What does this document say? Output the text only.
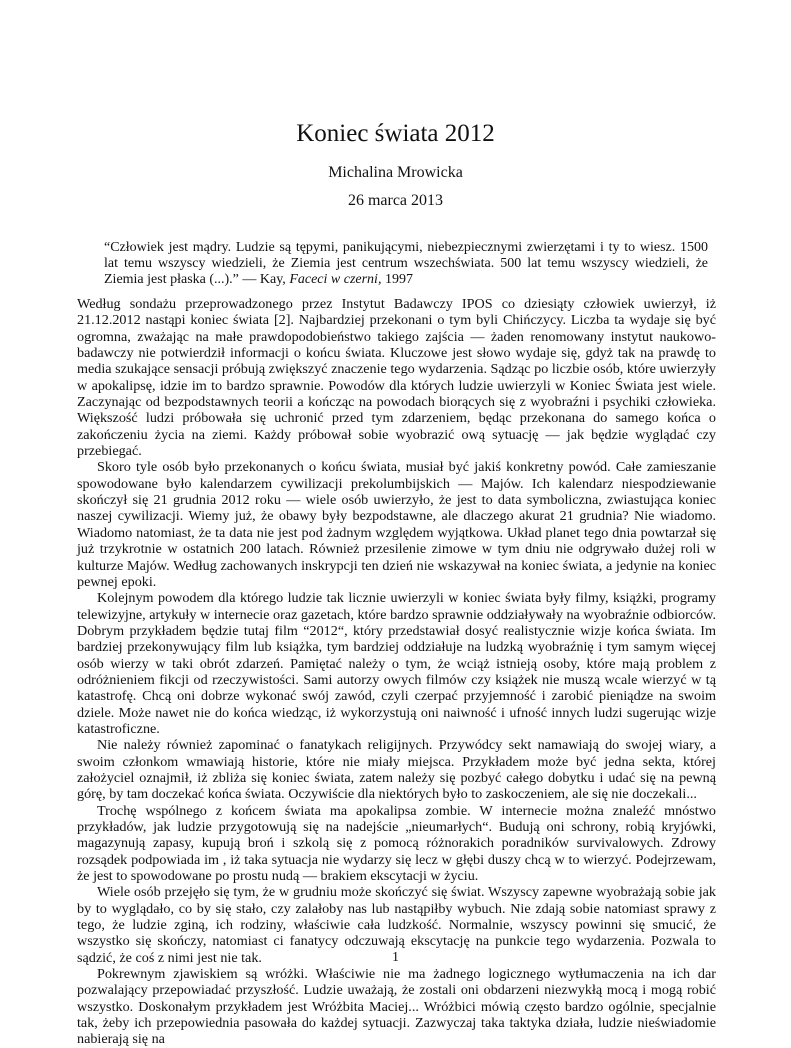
Koniec świata 2012
Michalina Mrowicka
26 marca 2013
“Człowiek jest mądry. Ludzie są tępymi, panikującymi, niebezpiecznymi zwierzętami i ty to wiesz. 1500 lat temu wszyscy wiedzieli, że Ziemia jest centrum wszechświata. 500 lat temu wszyscy wiedzieli, że Ziemia jest płaska (...).” — Kay, Faceci w czerni, 1997

Według sondażu przeprowadzonego przez Instytut Badawczy IPOS co dziesiąty człowiek uwierzył, iż 21.12.2012 nastąpi koniec świata [2]. Najbardziej przekonani o tym byli Chińczycy. Liczba ta wydaje się być ogromna, zważając na małe prawdopodobieństwo takiego zajścia — żaden renomowany instytut naukowo-badawczy nie potwierdził informacji o końcu świata. Kluczowe jest słowo wydaje się, gdyż tak na prawdę to media szukające sensacji próbują zwiększyć znaczenie tego wydarzenia. Sądząc po liczbie osób, które uwierzyły w apokalipsę, idzie im to bardzo sprawnie. Powodów dla których ludzie uwierzyli w Koniec Świata jest wiele. Zaczynając od bezpodstawnych teorii a kończąc na powodach biorących się z wyobraźni i psychiki człowieka. Większość ludzi próbowała się uchronić przed tym zdarzeniem, będąc przekonana do samego końca o zakończeniu życia na ziemi. Każdy próbował sobie wyobrazić ową sytuację — jak będzie wyglądać czy przebiegać.

Skoro tyle osób było przekonanych o końcu świata, musiał być jakiś konkretny powód. Całe zamieszanie spowodowane było kalendarzem cywilizacji prekolumbijskich — Majów. Ich kalendarz niespodziewanie skończył się 21 grudnia 2012 roku — wiele osób uwierzyło, że jest to data symboliczna, zwiastująca koniec naszej cywilizacji. Wiemy już, że obawy były bezpodstawne, ale dlaczego akurat 21 grudnia? Nie wiadomo. Wiadomo natomiast, że ta data nie jest pod żadnym względem wyjątkowa. Układ planet tego dnia powtarzał się już trzykrotnie w ostatnich 200 latach. Również przesilenie zimowe w tym dniu nie odgrywało dużej roli w kulturze Majów. Według zachowanych inskrypcji ten dzień nie wskazywał na koniec świata, a jedynie na koniec pewnej epoki.

Kolejnym powodem dla którego ludzie tak licznie uwierzyli w koniec świata były filmy, książki, programy telewizyjne, artykuły w internecie oraz gazetach, które bardzo sprawnie oddziaływały na wyobraźnie odbiorców. Dobrym przykładem będzie tutaj film “2012“, który przedstawiał dosyć realistycznie wizje końca świata. Im bardziej przekonywujący film lub książka, tym bardziej oddziałuje na ludzką wyobraźnię i tym samym więcej osób wierzy w taki obrót zdarzeń. Pamiętać należy o tym, że wciąż istnieją osoby, które mają problem z odróżnieniem fikcji od rzeczywistości. Sami autorzy owych filmów czy książek nie muszą wcale wierzyć w tą katastrofę. Chcą oni dobrze wykonać swój zawód, czyli czerpać przyjemność i zarobić pieniądze na swoim dziele. Może nawet nie do końca wiedząc, iż wykorzystują oni naiwność i ufność innych ludzi sugerując wizje katastroficzne.

Nie należy również zapominać o fanatykach religijnych. Przywódcy sekt namawiają do swojej wiary, a swoim członkom wmawiają historie, które nie miały miejsca. Przykładem może być jedna sekta, której założyciel oznajmił, iż zbliża się koniec świata, zatem należy się pozbyć całego dobytku i udać się na pewną górę, by tam doczekać końca świata. Oczywiście dla niektórych było to zaskoczeniem, ale się nie doczekali...

Trochę wspólnego z końcem świata ma apokalipsa zombie. W internecie można znaleźć mnóstwo przykładów, jak ludzie przygotowują się na nadejście „nieumarłych“. Budują oni schrony, robią kryjówki, magazynują zapasy, kupują broń i szkolą się z pomocą różnorakich poradników survivalowych. Zdrowy rozsądek podpowiada im , iż taka sytuacja nie wydarzy się lecz w głębi duszy chcą w to wierzyć. Podejrzewam, że jest to spowodowane po prostu nudą — brakiem ekscytacji w życiu.

Wiele osób przejęło się tym, że w grudniu może skończyć się świat. Wszyscy zapewne wyobrażają sobie jak by to wyglądało, co by się stało, czy zalałoby nas lub nastąpiłby wybuch. Nie zdają sobie natomiast sprawy z tego, że ludzie zginą, ich rodziny, właściwie cała ludzkość. Normalnie, wszyscy powinni się smucić, że wszystko się skończy, natomiast ci fanatycy odczuwają ekscytację na punkcie tego wydarzenia. Pozwala to sądzić, że coś z nimi jest nie tak.

Pokrewnym zjawiskiem są wróżki. Właściwie nie ma żadnego logicznego wytłumaczenia na ich dar pozwalający przepowiadać przyszłość. Ludzie uważają, że zostali oni obdarzeni niezwykłą mocą i mogą robić wszystko. Doskonałym przykładem jest Wróżbita Maciej... Wróżbici mówią często bardzo ogólnie, specjalnie tak, żeby ich przepowiednia pasowała do każdej sytuacji. Zazwyczaj taka taktyka działa, ludzie nieświadomie nabierają się na

1
